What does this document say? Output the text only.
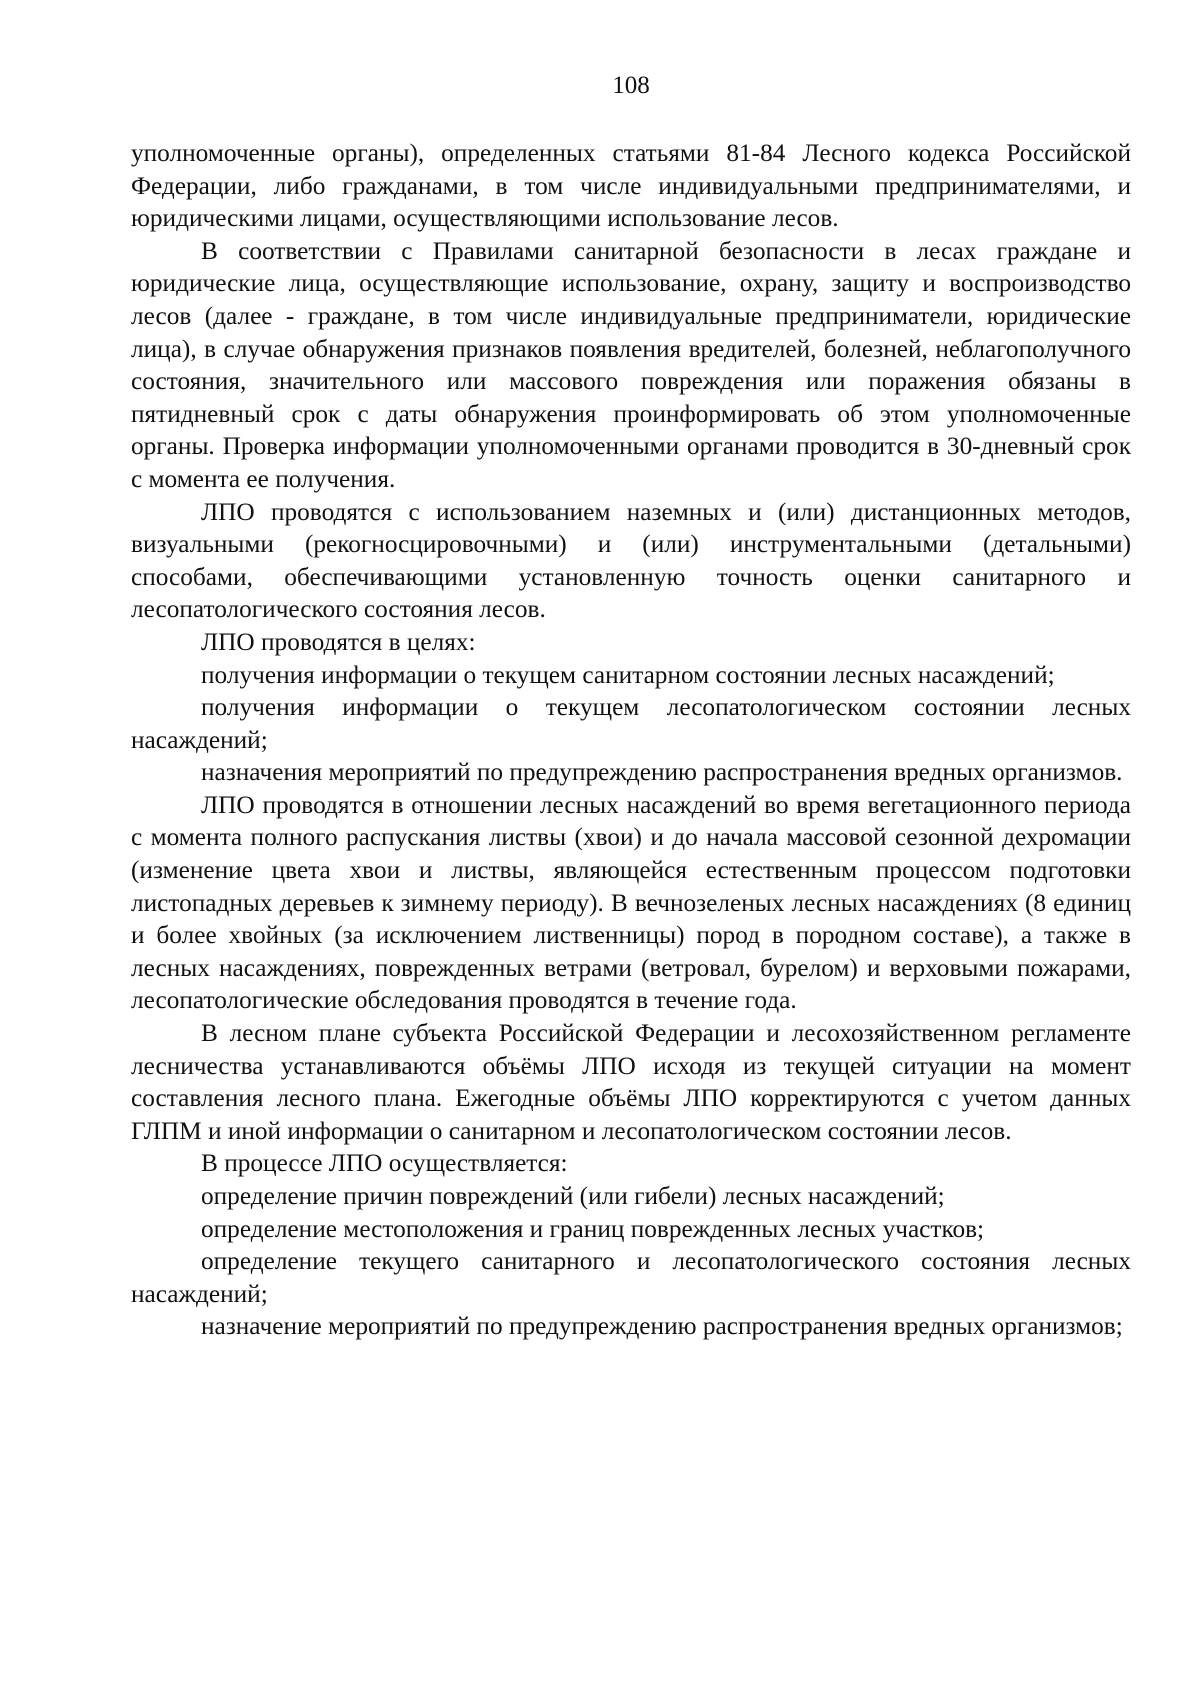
108

уполномоченные органы), определенных статьями 81-84 Лесного кодекса Российской Федерации, либо гражданами, в том числе индивидуальными предпринимателями, и юридическими лицами, осуществляющими использование лесов.

В соответствии с Правилами санитарной безопасности в лесах граждане и юридические лица, осуществляющие использование, охрану, защиту и воспроизводство лесов (далее - граждане, в том числе индивидуальные предприниматели, юридические лица), в случае обнаружения признаков появления вредителей, болезней, неблагополучного состояния, значительного или массового повреждения или поражения обязаны в пятидневный срок с даты обнаружения проинформировать об этом уполномоченные органы. Проверка информации уполномоченными органами проводится в 30-дневный срок с момента ее получения.

ЛПО проводятся с использованием наземных и (или) дистанционных методов, визуальными (рекогносцировочными) и (или) инструментальными (детальными) способами, обеспечивающими установленную точность оценки санитарного и лесопатологического состояния лесов.

ЛПО проводятся в целях:

получения информации о текущем санитарном состоянии лесных насаждений;

получения информации о текущем лесопатологическом состоянии лесных насаждений;

назначения мероприятий по предупреждению распространения вредных организмов.

ЛПО проводятся в отношении лесных насаждений во время вегетационного периода с момента полного распускания листвы (хвои) и до начала массовой сезонной дехромации (изменение цвета хвои и листвы, являющейся естественным процессом подготовки листопадных деревьев к зимнему периоду). В вечнозеленых лесных насаждениях (8 единиц и более хвойных (за исключением лиственницы) пород в породном составе), а также в лесных насаждениях, поврежденных ветрами (ветровал, бурелом) и верховыми пожарами, лесопатологические обследования проводятся в течение года.

В лесном плане субъекта Российской Федерации и лесохозяйственном регламенте лесничества устанавливаются объёмы ЛПО исходя из текущей ситуации на момент составления лесного плана. Ежегодные объёмы ЛПО корректируются с учетом данных ГЛПМ и иной информации о санитарном и лесопатологическом состоянии лесов.

В процессе ЛПО осуществляется:

определение причин повреждений (или гибели) лесных насаждений;

определение местоположения и границ поврежденных лесных участков;

определение текущего санитарного и лесопатологического состояния лесных насаждений;

назначение мероприятий по предупреждению распространения вредных организмов;
